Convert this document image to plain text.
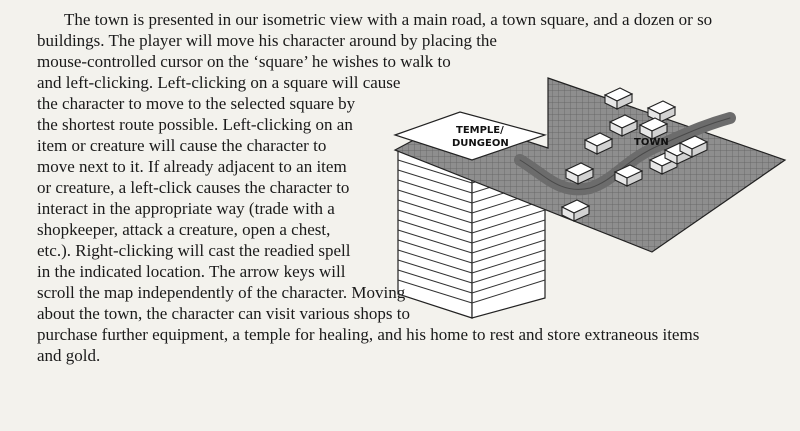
TEMPLE/
DUNGEON	TOWN
The town is presented in our isometric view with a main road, a town square, and a dozen or so
buildings. The player will move his character around by placing the
mouse-controlled cursor on the ‘square’ he wishes to walk to
and left-clicking. Left-clicking on a square will cause
the character to move to the selected square by
the shortest route possible. Left-clicking on an
item or creature will cause the character to
move next to it. If already adjacent to an item
or creature, a left-click causes the character to
interact in the appropriate way (trade with a
shopkeeper, attack a creature, open a chest,
etc.). Right-clicking will cast the readied spell
in the indicated location. The arrow keys will
scroll the map independently of the character. Moving
about the town, the character can visit various shops to
purchase further equipment, a temple for healing, and his home to rest and store extraneous items
and gold.
